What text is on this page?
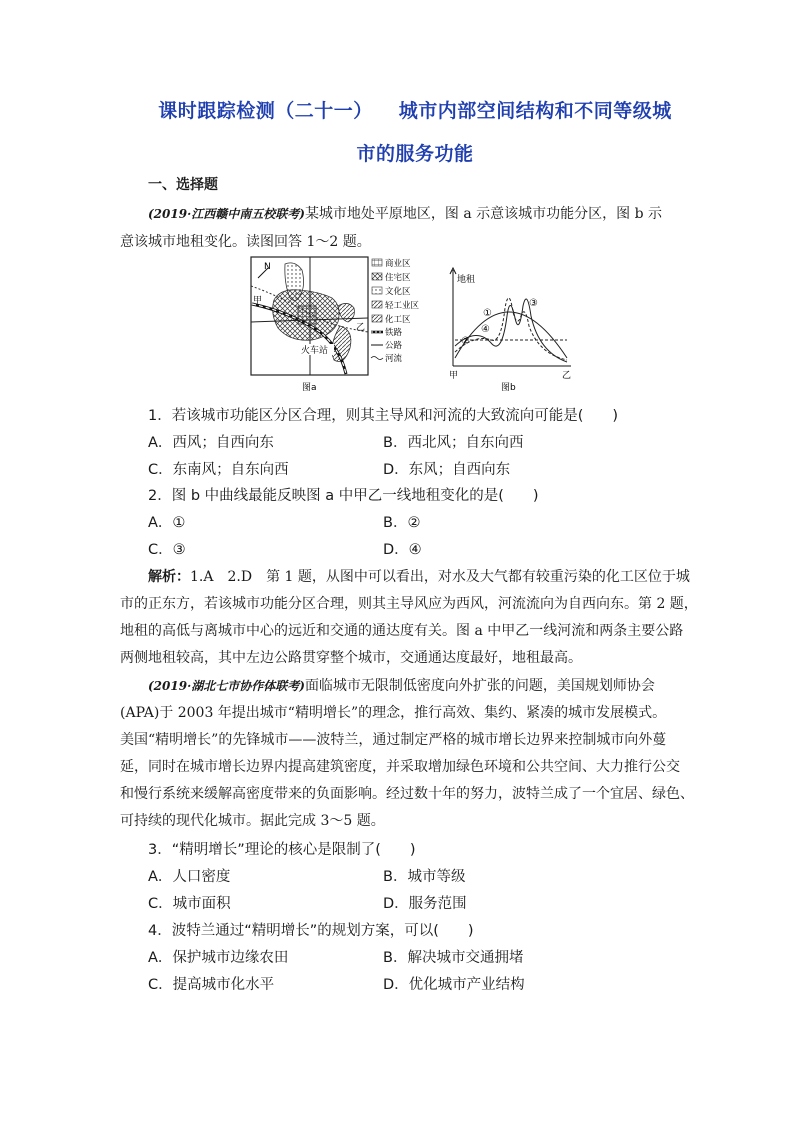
课时跟踪检测（二十一） 城市内部空间结构和不同等级城
市的服务功能
一、选择题
(2019·江西赣中南五校联考)某城市地处平原地区，图 a 示意该城市功能分区，图 b 示
意该城市地租变化。读图回答 1～2 题。
N
甲
乙
火车站
图a
商业区
住宅区
文化区
轻工业区
化工区
铁路
公路
河流
地租
①
②
③
④
甲	乙
图b
1．若该城市功能区分区合理，则其主导风和河流的大致流向可能是(　　)
A．西风；自西向东	B．西北风；自东向西
C．东南风；自东向西	D．东风；自西向东
2．图 b 中曲线最能反映图 a 中甲乙一线地租变化的是(　　)
A．①	B．②
C．③	D．④
解析：1.A　2.D　 第 1 题，从图中可以看出，对水及大气都有较重污染的化工区位于城
市的正东方，若该城市功能分区合理，则其主导风应为西风，河流流向为自西向东。第 2 题，
地租的高低与离城市中心的远近和交通的通达度有关。图 a 中甲乙一线河流和两条主要公路
两侧地租较高，其中左边公路贯穿整个城市，交通通达度最好，地租最高。
(2019·湖北七市协作体联考)面临城市无限制低密度向外扩张的问题，美国规划师协会
(APA)于 2003 年提出城市“精明增长”的理念，推行高效、集约、紧凑的城市发展模式。
美国“精明增长”的先锋城市——波特兰，通过制定严格的城市增长边界来控制城市向外蔓
延，同时在城市增长边界内提高建筑密度，并采取增加绿色环境和公共空间、大力推行公交
和慢行系统来缓解高密度带来的负面影响。经过数十年的努力，波特兰成了一个宜居、绿色、
可持续的现代化城市。据此完成 3～5 题。
3．“精明增长”理论的核心是限制了(　　)
A．人口密度	B．城市等级
C．城市面积	D．服务范围
4．波特兰通过“精明增长”的规划方案，可以(　　)
A．保护城市边缘农田	B．解决城市交通拥堵
C．提高城市化水平	D．优化城市产业结构
